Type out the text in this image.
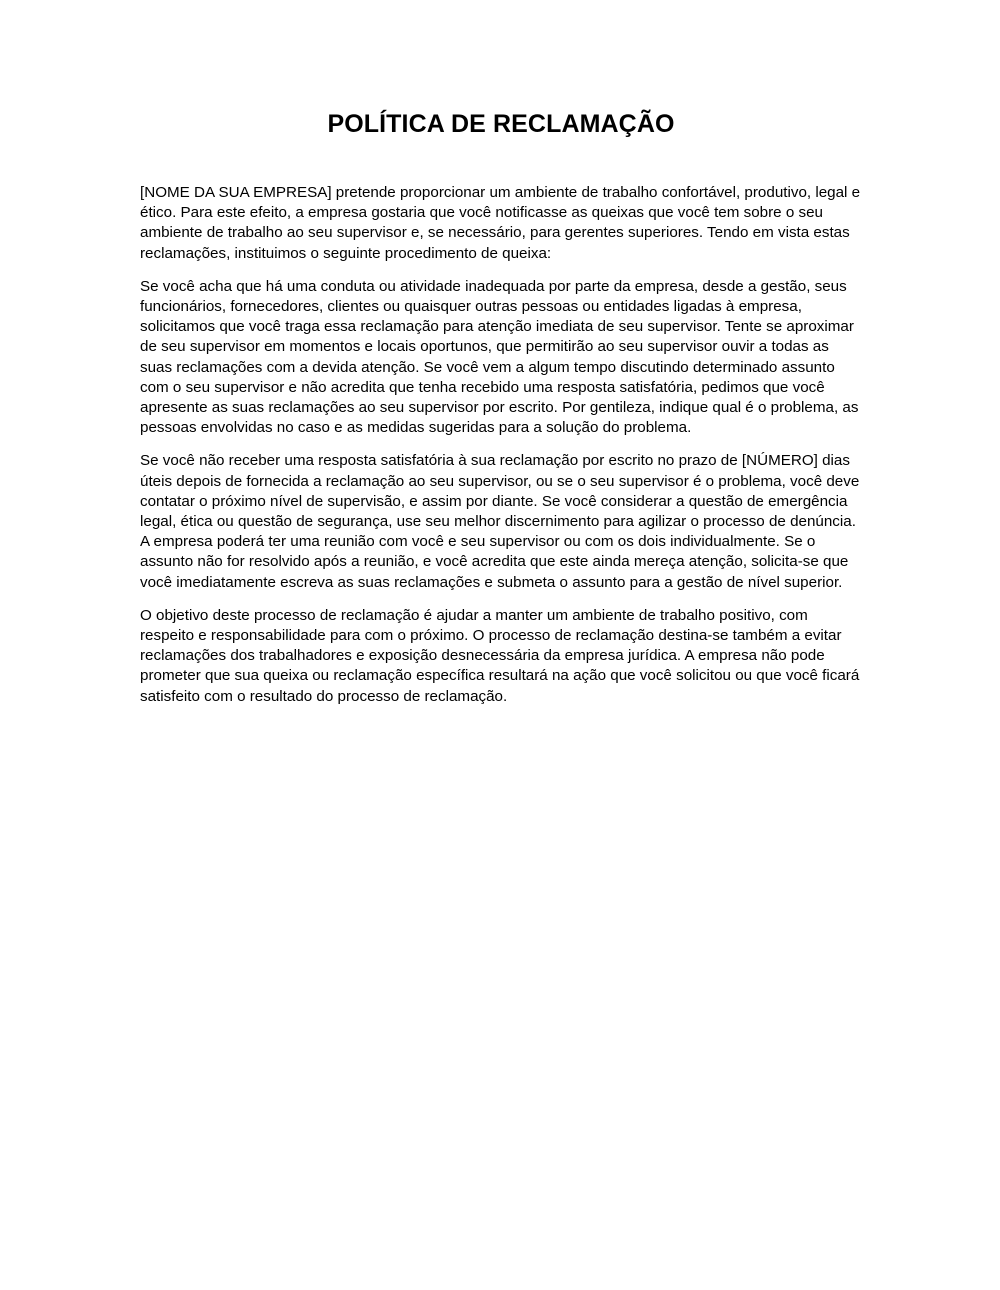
POLÍTICA DE RECLAMAÇÃO

[NOME DA SUA EMPRESA] pretende proporcionar um ambiente de trabalho confortável, produtivo, legal e ético. Para este efeito, a empresa gostaria que você notificasse as queixas que você tem sobre o seu ambiente de trabalho ao seu supervisor e, se necessário, para gerentes superiores. Tendo em vista estas reclamações, instituimos o seguinte procedimento de queixa:

Se você acha que há uma conduta ou atividade inadequada por parte da empresa, desde a gestão, seus funcionários, fornecedores, clientes ou quaisquer outras pessoas ou entidades ligadas à empresa, solicitamos que você traga essa reclamação para atenção imediata de seu supervisor. Tente se aproximar de seu supervisor em momentos e locais oportunos, que permitirão ao seu supervisor ouvir a todas as suas reclamações com a devida atenção. Se você vem a algum tempo discutindo determinado assunto com o seu supervisor e não acredita que tenha recebido uma resposta satisfatória, pedimos que você apresente as suas reclamações ao seu supervisor por escrito. Por gentileza, indique qual é o problema, as pessoas envolvidas no caso e as medidas sugeridas para a solução do problema.

Se você não receber uma resposta satisfatória à sua reclamação por escrito no prazo de [NÚMERO] dias úteis depois de fornecida a reclamação ao seu supervisor, ou se o seu supervisor é o problema, você deve contatar o próximo nível de supervisão, e assim por diante. Se você considerar a questão de emergência legal, ética ou questão de segurança, use seu melhor discernimento para agilizar o processo de denúncia. A empresa poderá ter uma reunião com você e seu supervisor ou com os dois individualmente. Se o assunto não for resolvido após a reunião, e você acredita que este ainda mereça atenção, solicita-se que você imediatamente escreva as suas reclamações e submeta o assunto para a gestão de nível superior.

O objetivo deste processo de reclamação é ajudar a manter um ambiente de trabalho positivo, com respeito e responsabilidade para com o próximo. O processo de reclamação destina-se também a evitar reclamações dos trabalhadores e exposição desnecessária da empresa jurídica. A empresa não pode prometer que sua queixa ou reclamação específica resultará na ação que você solicitou ou que você ficará satisfeito com o resultado do processo de reclamação.
